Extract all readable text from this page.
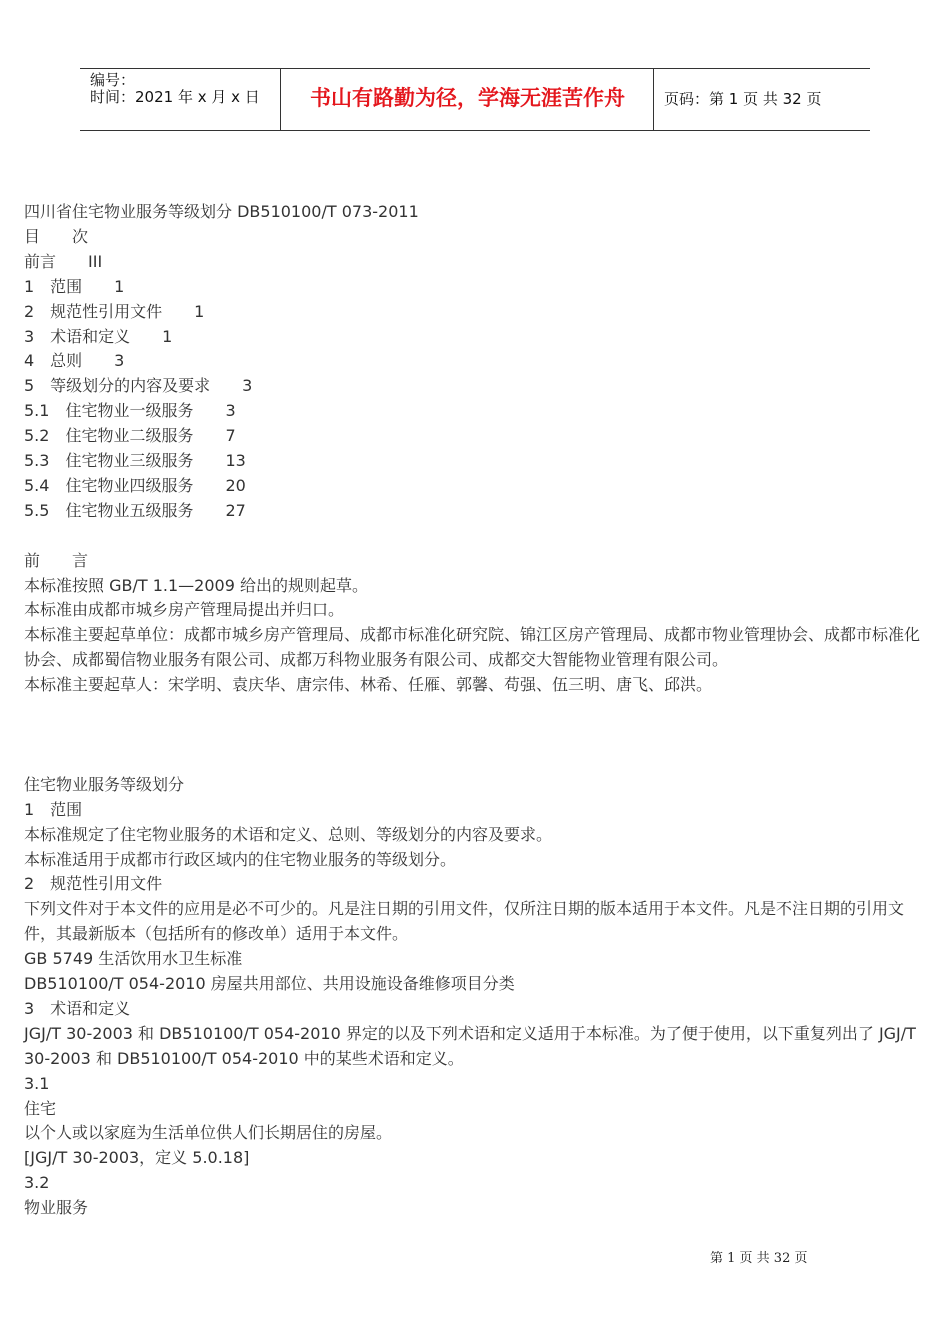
编号：
时间：2021 年 x 月 x 日	书山有路勤为径，学海无涯苦作舟	页码：第 1 页 共 32 页
四川省住宅物业服务等级划分 DB510100/T 073-2011
目　　次
前言　　III
1　范围　　1
2　规范性引用文件　　1
3　术语和定义　　1
4　总则　　3
5　等级划分的内容及要求　　3
5.1　住宅物业一级服务　　3
5.2　住宅物业二级服务　　7
5.3　住宅物业三级服务　　13
5.4　住宅物业四级服务　　20
5.5　住宅物业五级服务　　27
前　　言
本标准按照 GB/T 1.1—2009 给出的规则起草。
本标准由成都市城乡房产管理局提出并归口。
本标准主要起草单位：成都市城乡房产管理局、成都市标准化研究院、锦江区房产管理局、成都市物业管理协会、成都市标准化协会、成都蜀信物业服务有限公司、成都万科物业服务有限公司、成都交大智能物业管理有限公司。
本标准主要起草人：宋学明、袁庆华、唐宗伟、林希、任雁、郭馨、苟强、伍三明、唐飞、邱洪。
住宅物业服务等级划分
1　范围
本标准规定了住宅物业服务的术语和定义、总则、等级划分的内容及要求。
本标准适用于成都市行政区域内的住宅物业服务的等级划分。
2　规范性引用文件
下列文件对于本文件的应用是必不可少的。凡是注日期的引用文件，仅所注日期的版本适用于本文件。凡是不注日期的引用文件，其最新版本（包括所有的修改单）适用于本文件。
GB 5749 生活饮用水卫生标准
DB510100/T 054-2010 房屋共用部位、共用设施设备维修项目分类
3　术语和定义
JGJ/T 30-2003 和 DB510100/T 054-2010 界定的以及下列术语和定义适用于本标准。为了便于使用，以下重复列出了 JGJ/T 30-2003 和 DB510100/T 054-2010 中的某些术语和定义。
3.1
住宅
以个人或以家庭为生活单位供人们长期居住的房屋。
[JGJ/T 30-2003，定义 5.0.18]
3.2
物业服务
第 1 页 共 32 页
